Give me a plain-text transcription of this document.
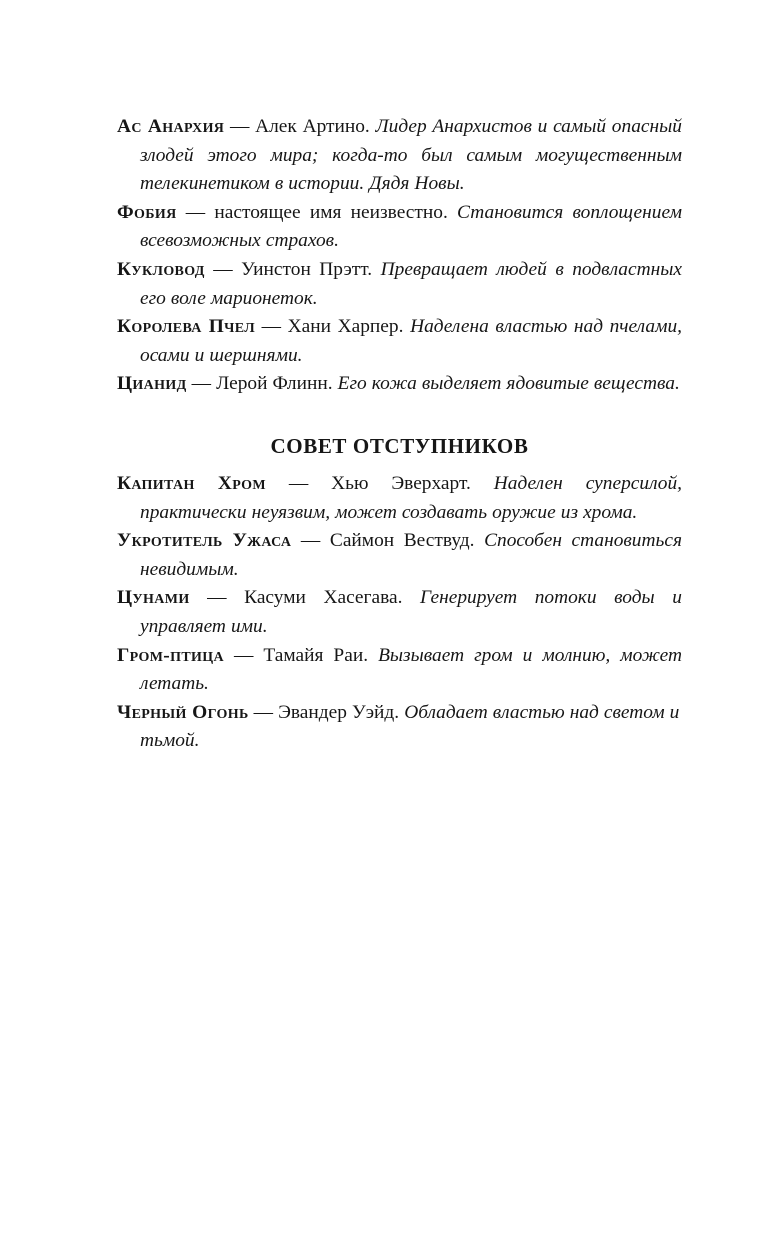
Ас Анархия — Алек Артино. Лидер Анархистов и самый опасный злодей этого мира; когда-то был самым могущественным телекинетиком в истории. Дядя Новы.

Фобия — настоящее имя неизвестно. Становится воплощением всевозможных страхов.

Кукловод — Уинстон Прэтт. Превращает людей в подвластных его воле марионеток.

Королева Пчел — Хани Харпер. Наделена властью над пчелами, осами и шершнями.

Цианид — Лерой Флинн. Его кожа выделяет ядовитые вещества.

СОВЕТ ОТСТУПНИКОВ

Капитан Хром — Хью Эверхарт. Наделен суперсилой, практически неуязвим, может создавать оружие из хрома.

Укротитель Ужаса — Саймон Вествуд. Способен становиться невидимым.

Цунами — Касуми Хасегава. Генерирует потоки воды и управляет ими.

Гром-птица — Тамайя Раи. Вызывает гром и молнию, может летать.

Черный Огонь — Эвандер Уэйд. Обладает властью над светом и тьмой.
